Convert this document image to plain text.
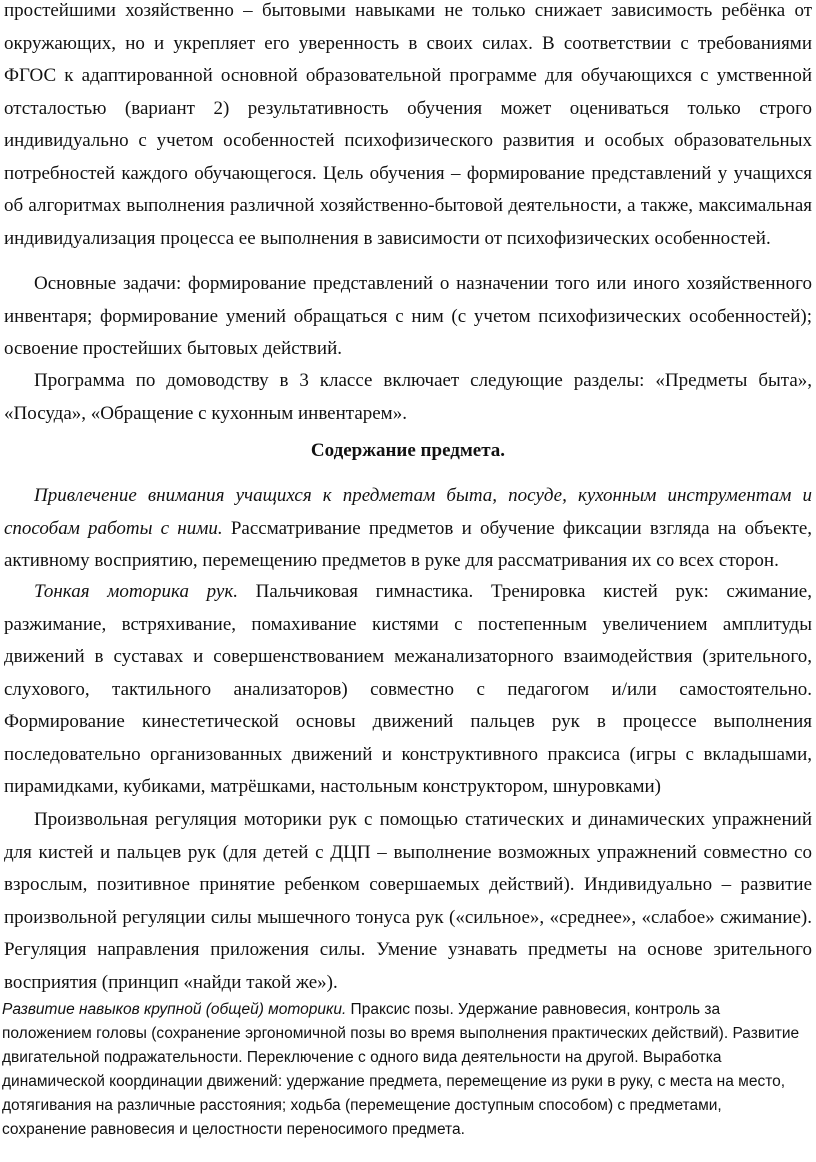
простейшими хозяйственно – бытовыми навыками не только снижает зависимость ребёнка от окружающих, но и укрепляет его уверенность в своих силах. В соответствии с требованиями ФГОС к адаптированной основной образовательной программе для обучающихся с умственной отсталостью (вариант 2) результативность обучения может оцениваться только строго индивидуально с учетом особенностей психофизического развития и особых образовательных потребностей каждого обучающегося. Цель обучения – формирование представлений у учащихся об алгоритмах выполнения различной хозяйственно-бытовой деятельности, а также, максимальная индивидуализация процесса ее выполнения в зависимости от психофизических особенностей.

Основные задачи: формирование представлений о назначении того или иного хозяйственного инвентаря; формирование умений обращаться с ним (с учетом психофизических особенностей); освоение простейших бытовых действий.

Программа по домоводству в 3 классе включает следующие разделы: «Предметы быта», «Посуда», «Обращение с кухонным инвентарем».

Содержание предмета.

Привлечение внимания учащихся к предметам быта, посуде, кухонным инструментам и способам работы с ними. Рассматривание предметов и обучение фиксации взгляда на объекте, активному восприятию, перемещению предметов в руке для рассматривания их со всех сторон.

Тонкая моторика рук. Пальчиковая гимнастика. Тренировка кистей рук: сжимание, разжимание, встряхивание, помахивание кистями с постепенным увеличением амплитуды движений в суставах и совершенствованием межанализаторного взаимодействия (зрительного, слухового, тактильного анализаторов) совместно с педагогом и/или самостоятельно. Формирование кинестетической основы движений пальцев рук в процессе выполнения последовательно организованных движений и конструктивного праксиса (игры с вкладышами, пирамидками, кубиками, матрёшками, настольным конструктором, шнуровками)

Произвольная регуляция моторики рук с помощью статических и динамических упражнений для кистей и пальцев рук (для детей с ДЦП – выполнение возможных упражнений совместно со взрослым, позитивное принятие ребенком совершаемых действий). Индивидуально – развитие произвольной регуляции силы мышечного тонуса рук («сильное», «среднее», «слабое» сжимание). Регуляция направления приложения силы. Умение узнавать предметы на основе зрительного восприятия (принцип «найди такой же»).

Развитие навыков крупной (общей) моторики. Праксис позы. Удержание равновесия, контроль за положением головы (сохранение эргономичной позы во время выполнения практических действий). Развитие двигательной подражательности. Переключение с одного вида деятельности на другой. Выработка динамической координации движений: удержание предмета, перемещение из руки в руку, с места на место, дотягивания на различные расстояния; ходьба (перемещение доступным способом) с предметами, сохранение равновесия и целостности переносимого предмета.
